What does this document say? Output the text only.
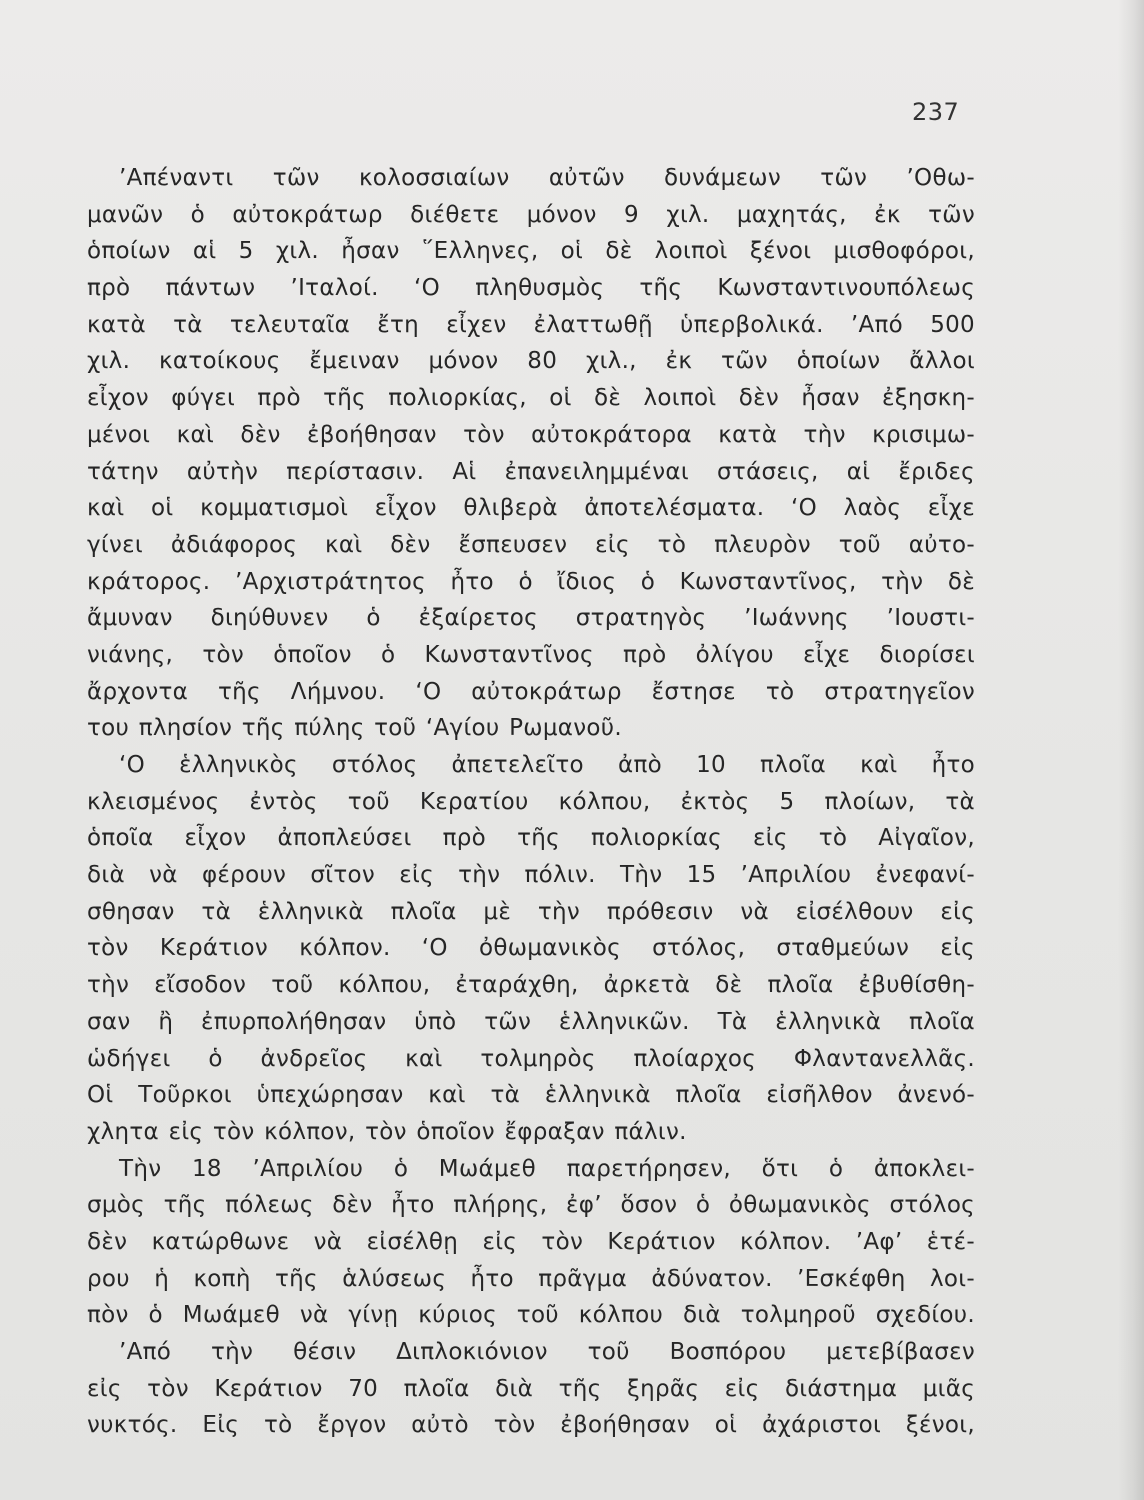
237
’Απέναντι τῶν κολοσσιαίων αὐτῶν δυνάμεων τῶν ’Οθω-
μανῶν ὁ αὐτοκράτωρ διέθετε μόνον 9 χιλ. μαχητάς, ἐκ τῶν
ὁποίων αἱ 5 χιλ. ἦσαν ῞Ελληνες, οἱ δὲ λοιποὶ ξένοι μισθοφόροι,
πρὸ πάντων ’Ιταλοί. ‘Ο πληθυσμὸς τῆς Κωνσταντινουπόλεως
κατὰ τὰ τελευταῖα ἔτη εἶχεν ἐλαττωθῇ ὑπερβολικά. ’Από 500
χιλ. κατοίκους ἔμειναν μόνον 80 χιλ., ἐκ τῶν ὁποίων ἄλλοι
εἶχον φύγει πρὸ τῆς πολιορκίας, οἱ δὲ λοιποὶ δὲν ἦσαν ἐξησκη-
μένοι καὶ δὲν ἐβοήθησαν τὸν αὐτοκράτορα κατὰ τὴν κρισιμω-
τάτην αὐτὴν περίστασιν. Αἱ ἐπανειλημμέναι στάσεις, αἱ ἔριδες
καὶ οἱ κομματισμοὶ εἶχον θλιβερὰ ἀποτελέσματα. ‘Ο λαὸς εἶχε
γίνει ἀδιάφορος καὶ δὲν ἔσπευσεν εἰς τὸ πλευρὸν τοῦ αὐτο-
κράτορος. ’Αρχιστράτητος ἦτο ὁ ἴδιος ὁ Κωνσταντῖνος, τὴν δὲ
ἄμυναν διηύθυνεν ὁ ἐξαίρετος στρατηγὸς ’Ιωάννης ’Ιουστι-
νιάνης, τὸν ὁποῖον ὁ Κωνσταντῖνος πρὸ ὀλίγου εἶχε διορίσει
ἄρχοντα τῆς Λήμνου. ‘Ο αὐτοκράτωρ ἔστησε τὸ στρατηγεῖον
του πλησίον τῆς πύλης τοῦ ‘Αγίου Ρωμανοῦ.
‘Ο ἑλληνικὸς στόλος ἀπετελεῖτο ἀπὸ 10 πλοῖα καὶ ἦτο
κλεισμένος ἐντὸς τοῦ Κερατίου κόλπου, ἐκτὸς 5 πλοίων, τὰ
ὁποῖα εἶχον ἀποπλεύσει πρὸ τῆς πολιορκίας εἰς τὸ Αἰγαῖον,
διὰ νὰ φέρουν σῖτον εἰς τὴν πόλιν. Τὴν 15 ’Απριλίου ἐνεφανί-
σθησαν τὰ ἑλληνικὰ πλοῖα μὲ τὴν πρόθεσιν νὰ εἰσέλθουν εἰς
τὸν Κεράτιον κόλπον. ‘Ο ὀθωμανικὸς στόλος, σταθμεύων εἰς
τὴν εἴσοδον τοῦ κόλπου, ἐταράχθη, ἀρκετὰ δὲ πλοῖα ἐβυθίσθη-
σαν ἢ ἐπυρπολήθησαν ὑπὸ τῶν ἑλληνικῶν. Τὰ ἑλληνικὰ πλοῖα
ὡδήγει ὁ ἀνδρεῖος καὶ τολμηρὸς πλοίαρχος Φλαντανελλᾶς.
Οἱ Τοῦρκοι ὑπεχώρησαν καὶ τὰ ἑλληνικὰ πλοῖα εἰσῆλθον ἀνενό-
χλητα εἰς τὸν κόλπον, τὸν ὁποῖον ἔφραξαν πάλιν.
Τὴν 18 ’Απριλίου ὁ Μωάμεθ παρετήρησεν, ὅτι ὁ ἀποκλει-
σμὸς τῆς πόλεως δὲν ἦτο πλήρης, ἐφ’ ὅσον ὁ ὀθωμανικὸς στόλος
δὲν κατώρθωνε νὰ εἰσέλθῃ εἰς τὸν Κεράτιον κόλπον. ’Αφ’ ἑτέ-
ρου ἡ κοπὴ τῆς ἁλύσεως ἦτο πρᾶγμα ἀδύνατον. ’Εσκέφθη λοι-
πὸν ὁ Μωάμεθ νὰ γίνῃ κύριος τοῦ κόλπου διὰ τολμηροῦ σχεδίου.
’Από τὴν θέσιν Διπλοκιόνιον τοῦ Βοσπόρου μετεβίβασεν
εἰς τὸν Κεράτιον 70 πλοῖα διὰ τῆς ξηρᾶς εἰς διάστημα μιᾶς
νυκτός. Εἰς τὸ ἔργον αὐτὸ τὸν ἐβοήθησαν οἱ ἀχάριστοι ξένοι,
